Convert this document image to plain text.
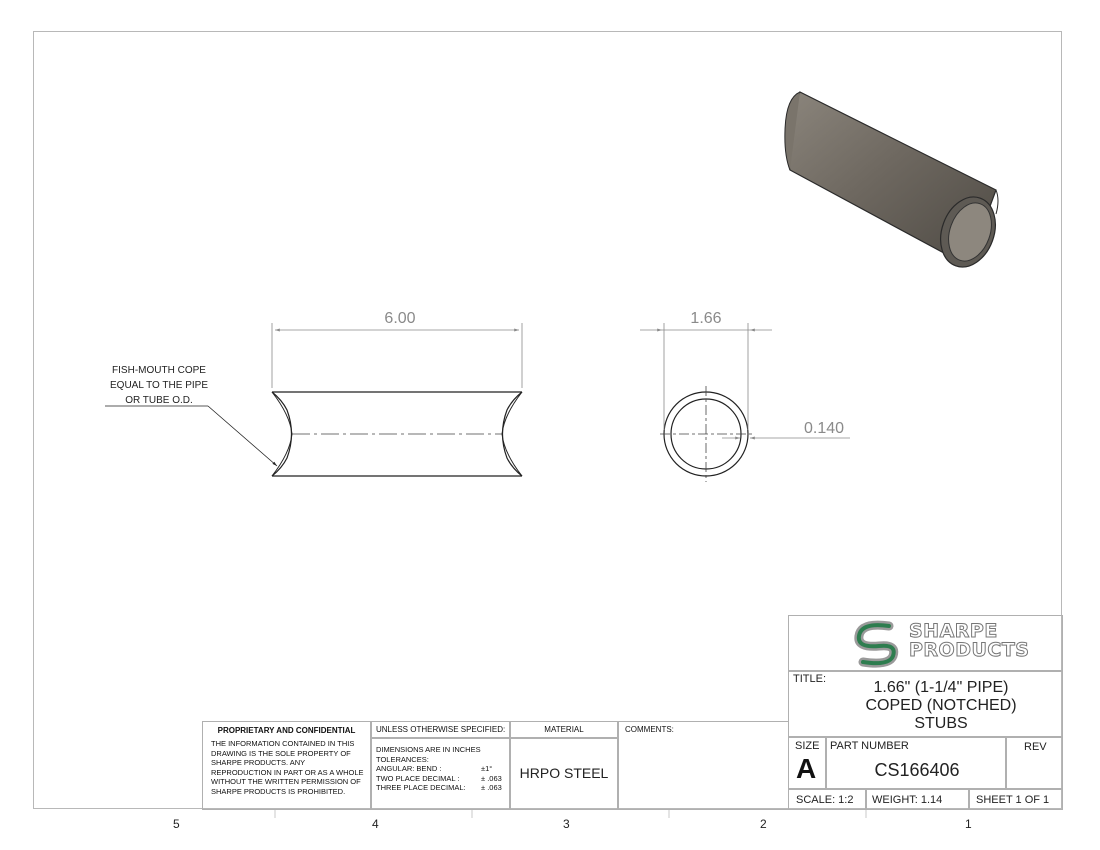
6.00	1.66
0.140
FISH-MOUTH COPE
EQUAL TO THE PIPE
OR TUBE O.D.
5	4	3	2	1
PROPRIETARY AND CONFIDENTIAL
THE INFORMATION CONTAINED IN THIS DRAWING IS THE SOLE PROPERTY OF SHARPE PRODUCTS. ANY REPRODUCTION IN PART OR AS A WHOLE WITHOUT THE WRITTEN PERMISSION OF SHARPE PRODUCTS IS PROHIBITED.
UNLESS OTHERWISE SPECIFIED:
DIMENSIONS ARE IN INCHES
TOLERANCES:
ANGULAR: BEND :	±1°
TWO PLACE DECIMAL :	± .063
THREE PLACE DECIMAL: ± .063
MATERIAL
HRPO STEEL
COMMENTS:
SHARPE
PRODUCTS
TITLE:	1.66" (1-1/4" PIPE)
COPED (NOTCHED)
STUBS
SIZE
A
PART NUMBER
CS166406
REV
SCALE: 1:2 WEIGHT: 1.14	SHEET 1 OF 1
